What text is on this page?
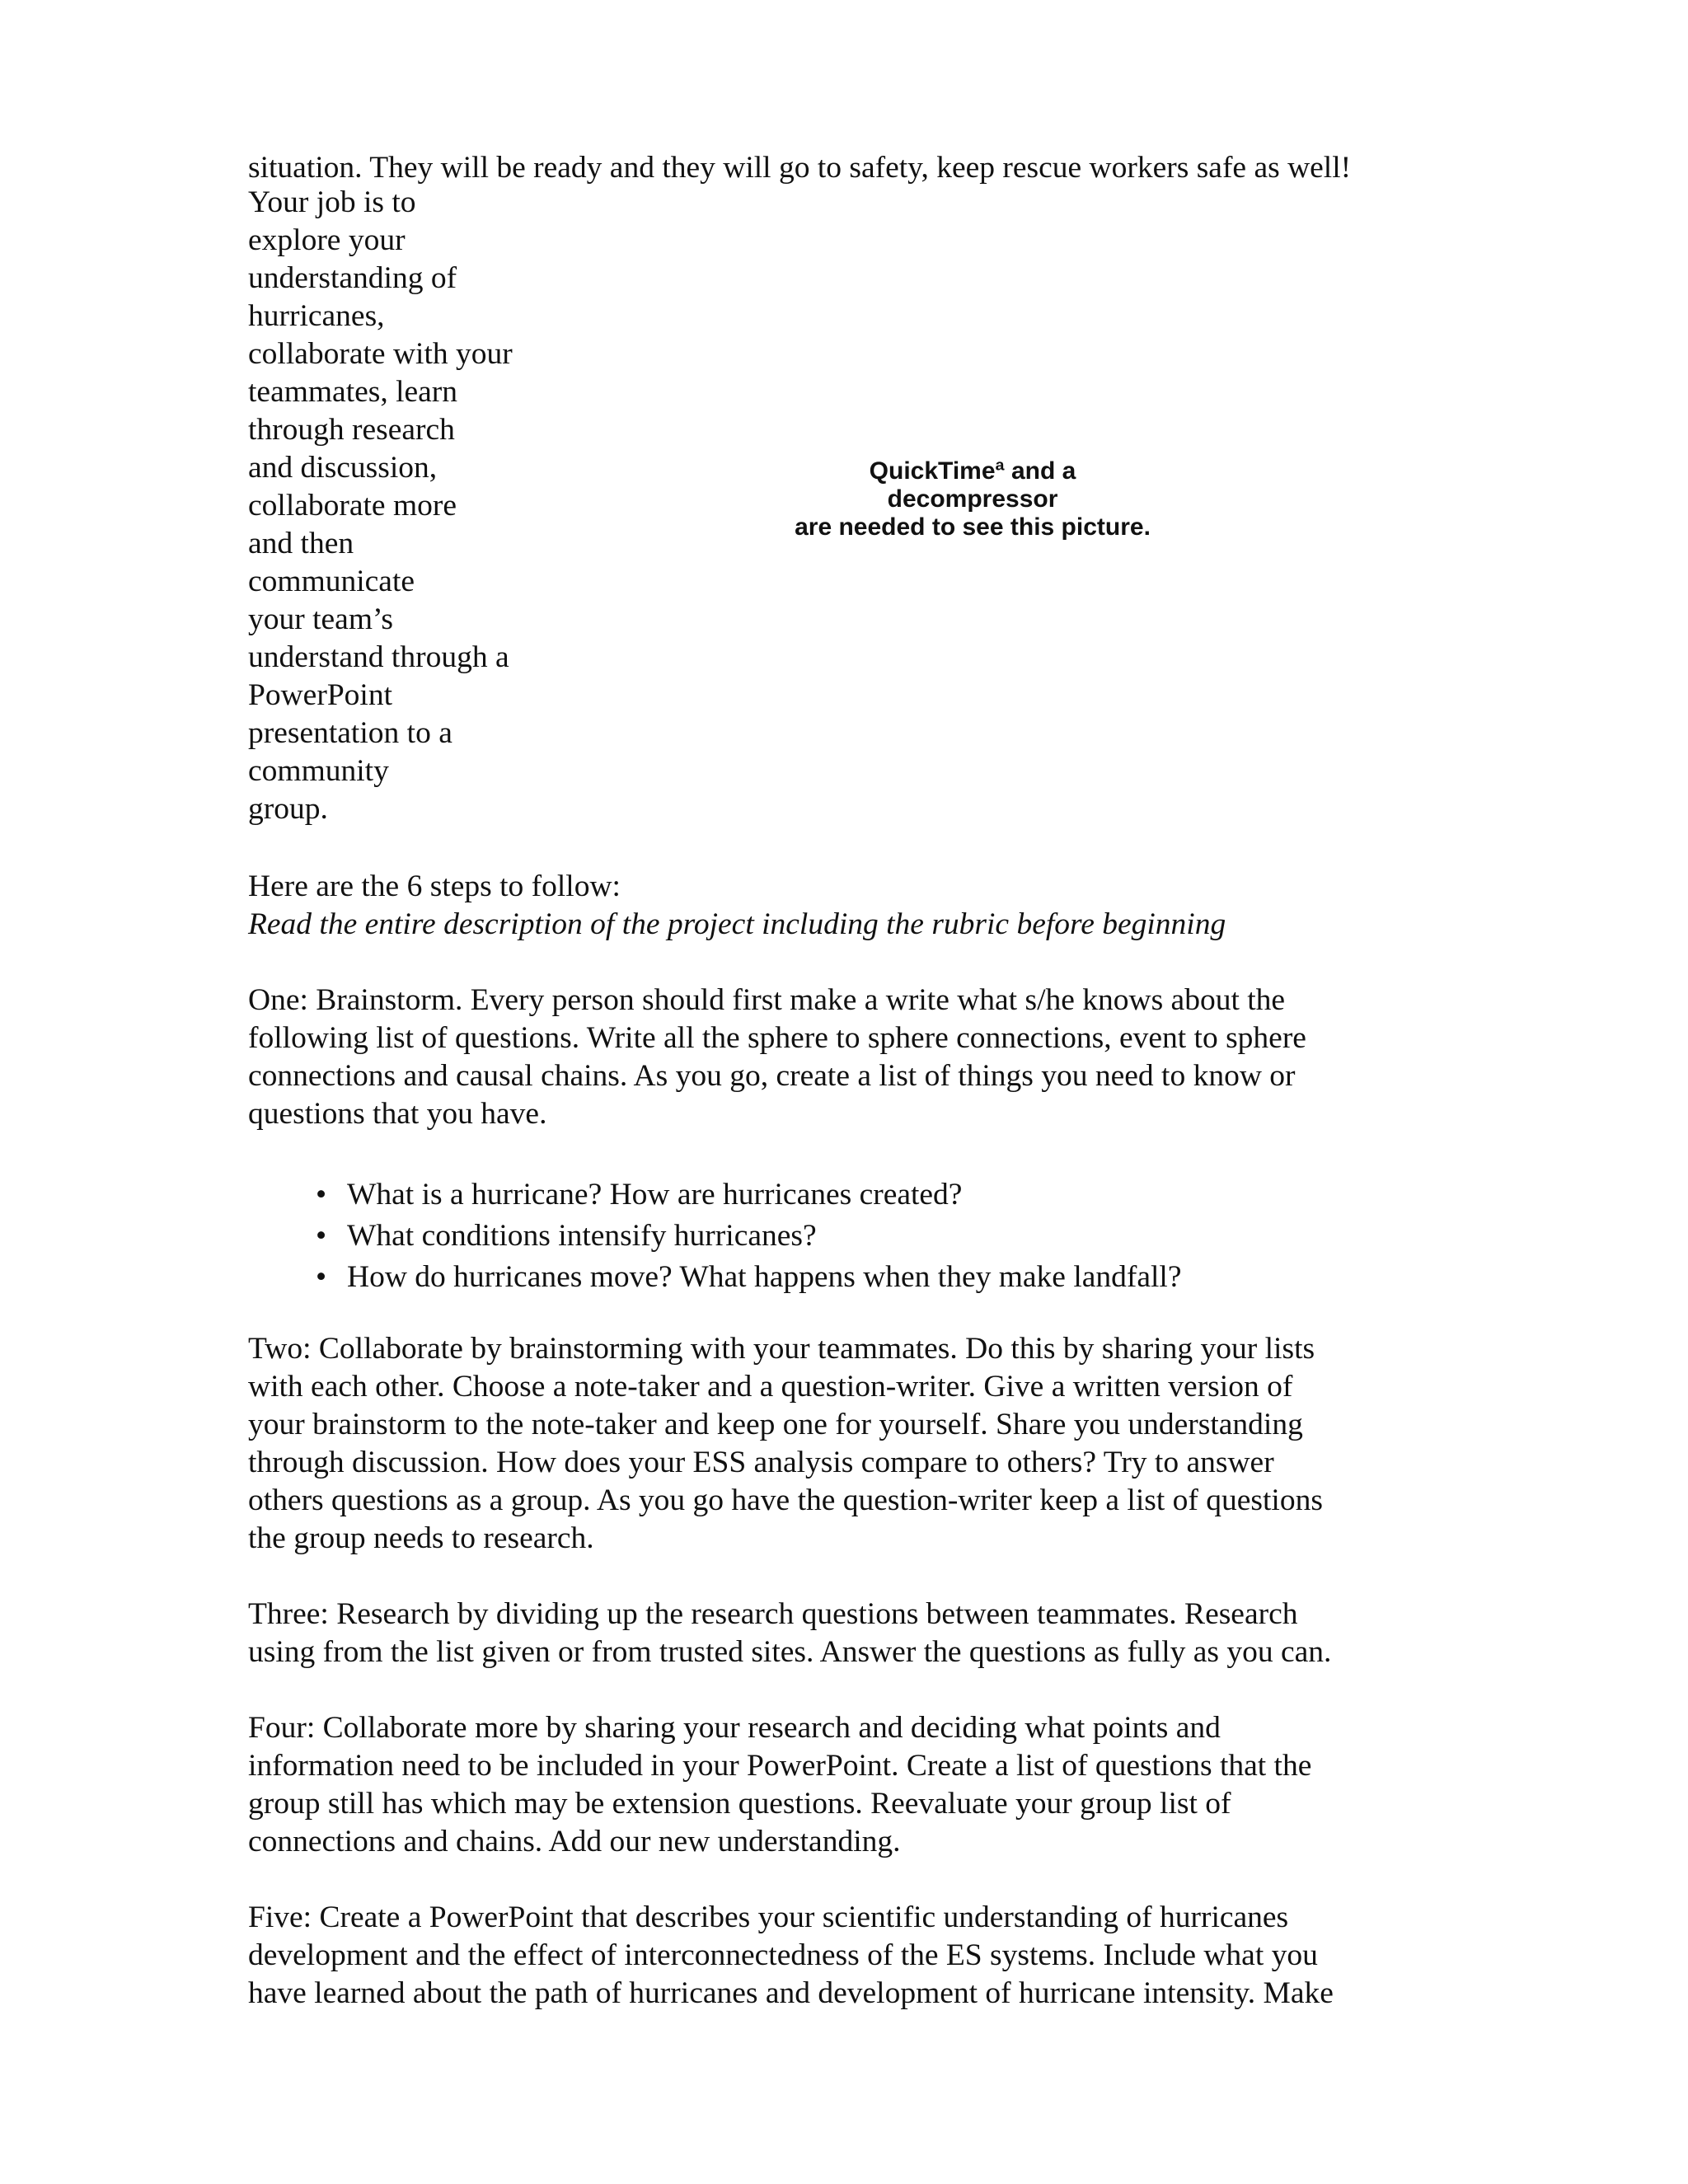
situation. They will be ready and they will go to safety, keep rescue workers safe as well!
Your job is to
explore your
understanding of
hurricanes,
collaborate with your
teammates, learn
through research
and discussion,
collaborate more
and then
communicate
your team’s
understand through a
PowerPoint
presentation to a
community
group.
QuickTimeª and a
decompressor
are needed to see this picture.
Here are the 6 steps to follow:
Read the entire description of the project including the rubric before beginning
One: Brainstorm. Every person should first make a write what s/he knows about the
following list of questions. Write all the sphere to sphere connections, event to sphere
connections and causal chains. As you go, create a list of things you need to know or
questions that you have.
• What is a hurricane? How are hurricanes created?
• What conditions intensify hurricanes?
• How do hurricanes move? What happens when they make landfall?
Two: Collaborate by brainstorming with your teammates. Do this by sharing your lists
with each other. Choose a note-taker and a question-writer. Give a written version of
your brainstorm to the note-taker and keep one for yourself. Share you understanding
through discussion. How does your ESS analysis compare to others? Try to answer
others questions as a group. As you go have the question-writer keep a list of questions
the group needs to research.
Three: Research by dividing up the research questions between teammates. Research
using from the list given or from trusted sites. Answer the questions as fully as you can.
Four: Collaborate more by sharing your research and deciding what points and
information need to be included in your PowerPoint. Create a list of questions that the
group still has which may be extension questions. Reevaluate your group list of
connections and chains. Add our new understanding.
Five: Create a PowerPoint that describes your scientific understanding of hurricanes
development and the effect of interconnectedness of the ES systems. Include what you
have learned about the path of hurricanes and development of hurricane intensity. Make
